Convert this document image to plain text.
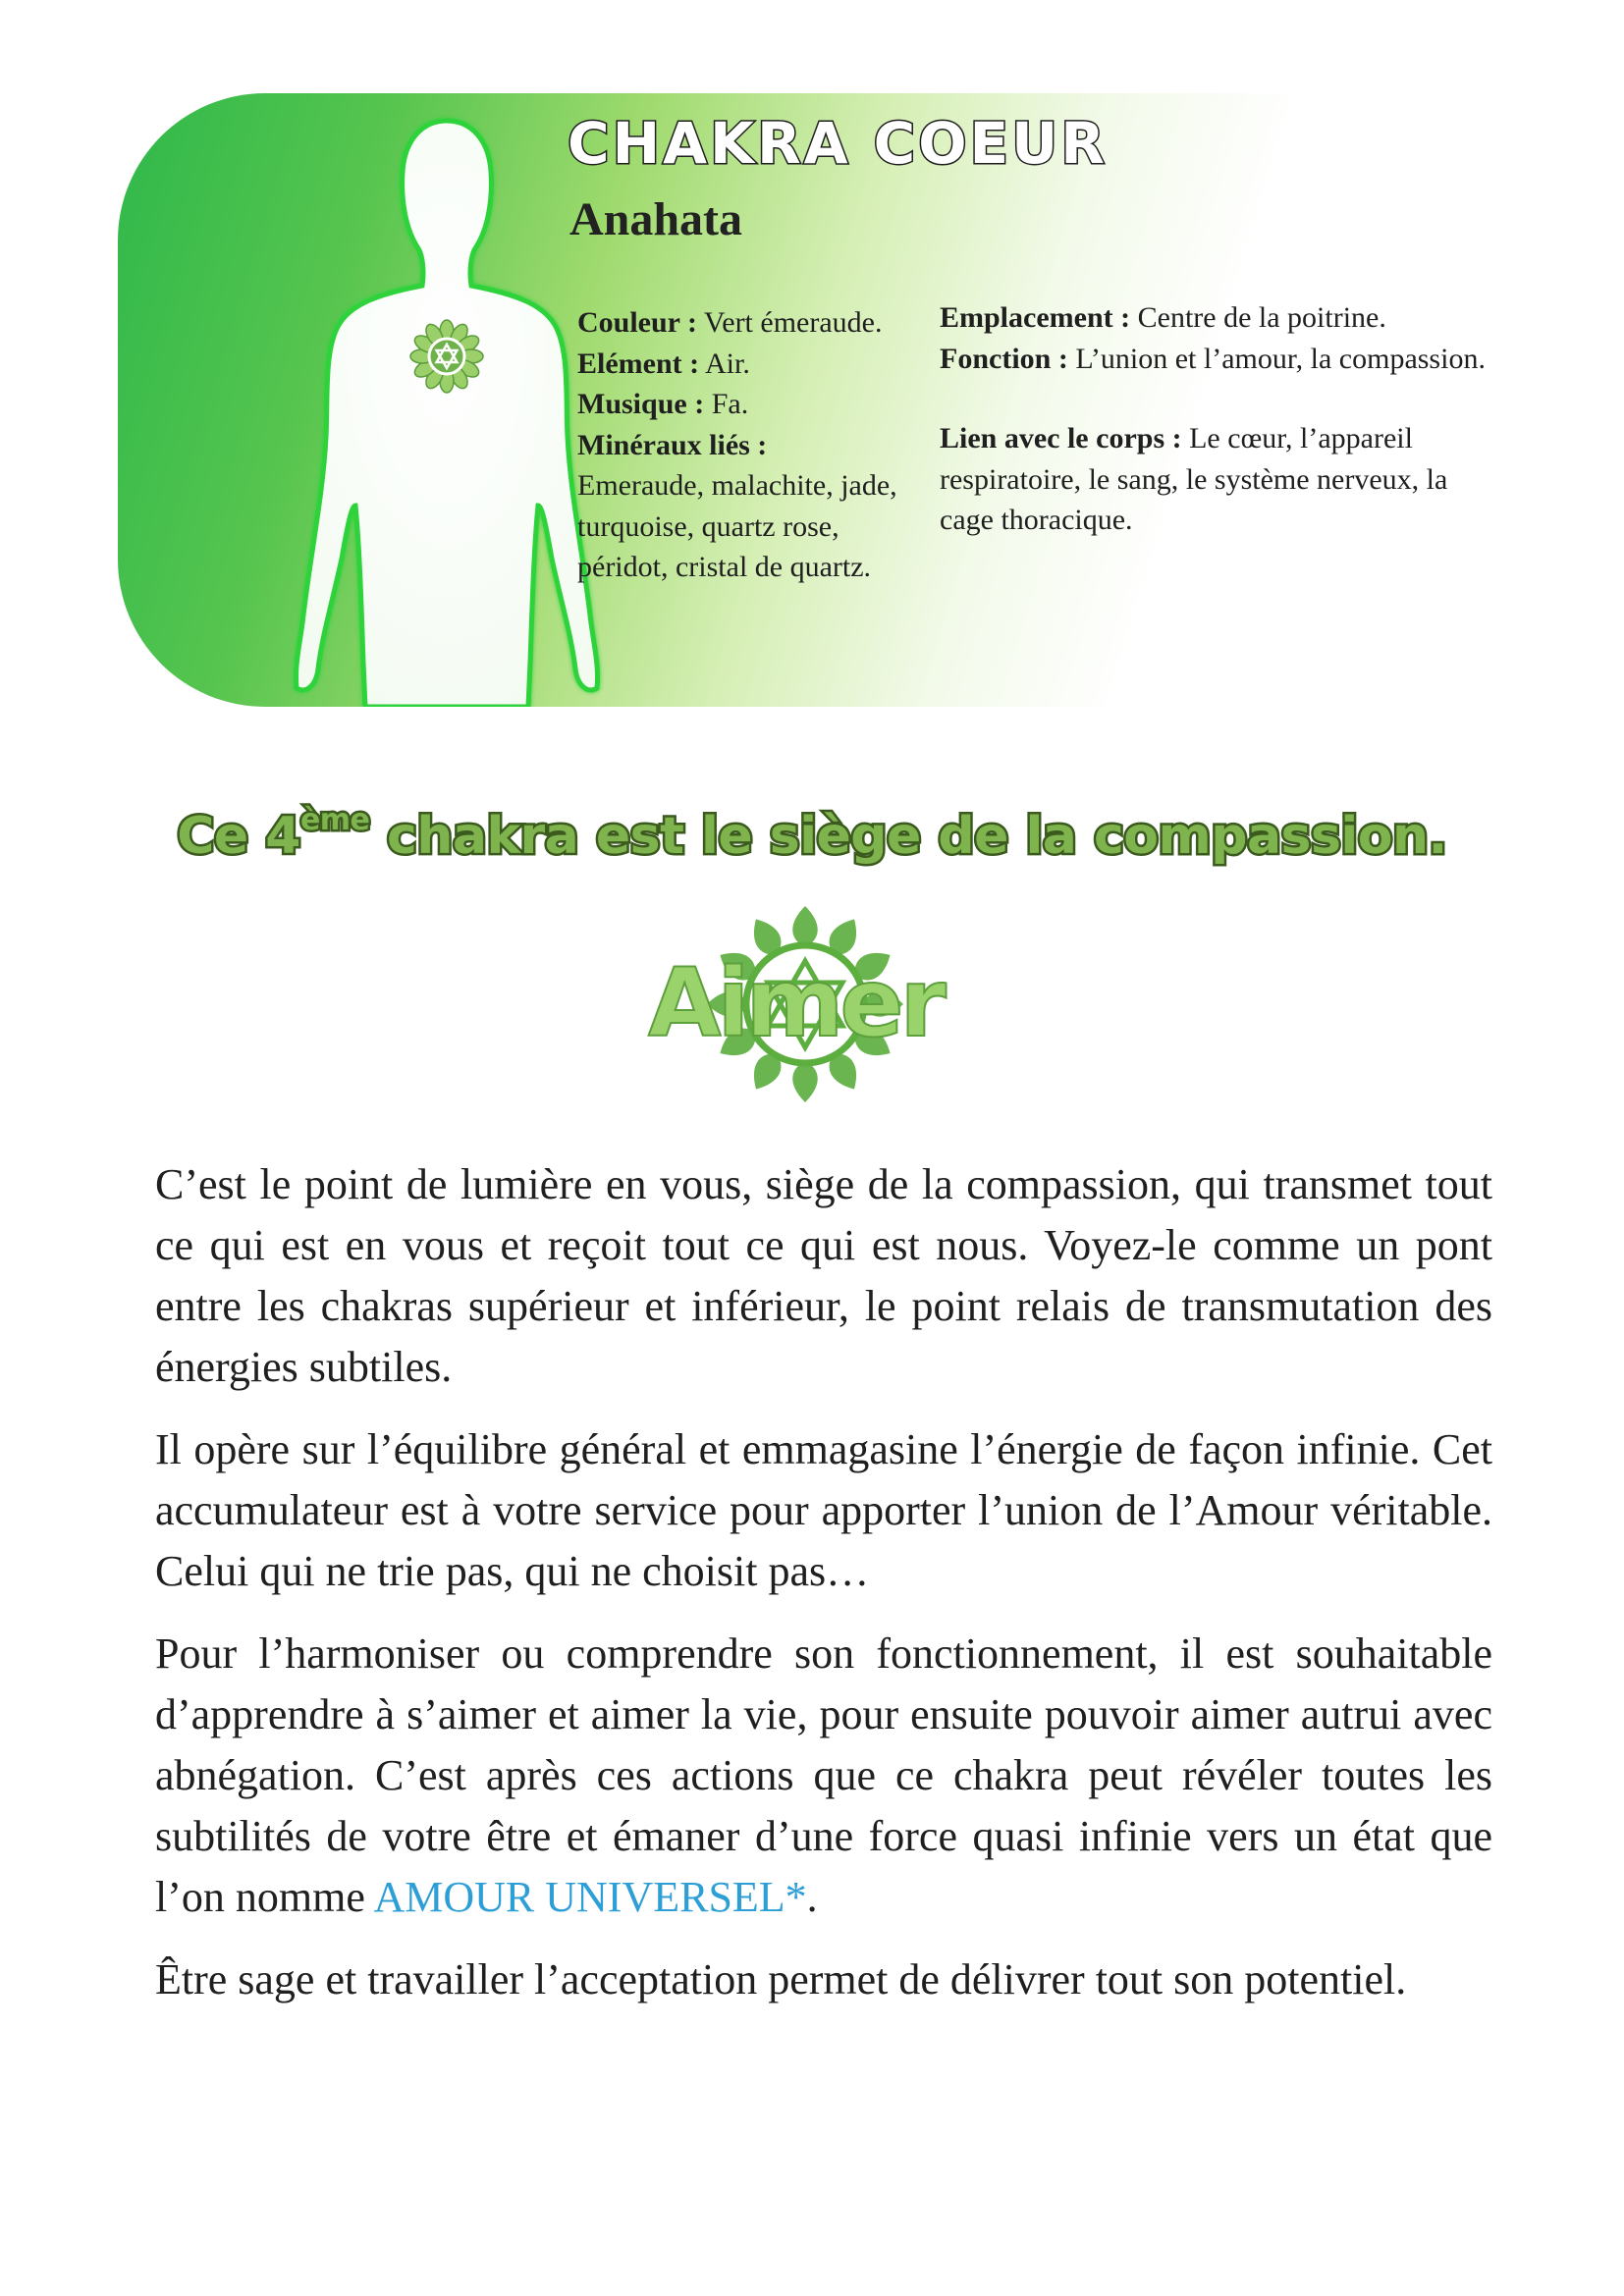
CHAKRA COEUR
Anahata

Couleur : Vert émeraude.

Elément : Air.

Musique : Fa.

Minéraux liés :
Emeraude, malachite, jade, turquoise, quartz rose, péridot, cristal de quartz.

Emplacement : Centre de la poitrine.

Fonction : L’union et l’amour, la compassion.

Lien avec le corps : Le cœur, l’appareil respiratoire, le sang, le système nerveux, la cage thoracique.

Ce 4ème chakra est le siège de la compassion.
Aimer

C’est le point de lumière en vous, siège de la compassion, qui transmet tout ce qui est en vous et reçoit tout ce qui est nous. Voyez-le comme un pont entre les chakras supérieur et inférieur, le point relais de transmutation des énergies subtiles.

Il opère sur l’équilibre général et emmagasine l’énergie de façon infinie. Cet accumulateur est à votre service pour apporter l’union de l’Amour véritable. Celui qui ne trie pas, qui ne choisit pas…

Pour l’harmoniser ou comprendre son fonctionnement, il est souhaitable d’apprendre à s’aimer et aimer la vie, pour ensuite pouvoir aimer autrui avec abnégation. C’est après ces actions que ce chakra peut révéler toutes les subtilités de votre être et émaner d’une force quasi infinie vers un état que l’on nomme AMOUR UNIVERSEL*.

Être sage et travailler l’acceptation permet de délivrer tout son potentiel.
